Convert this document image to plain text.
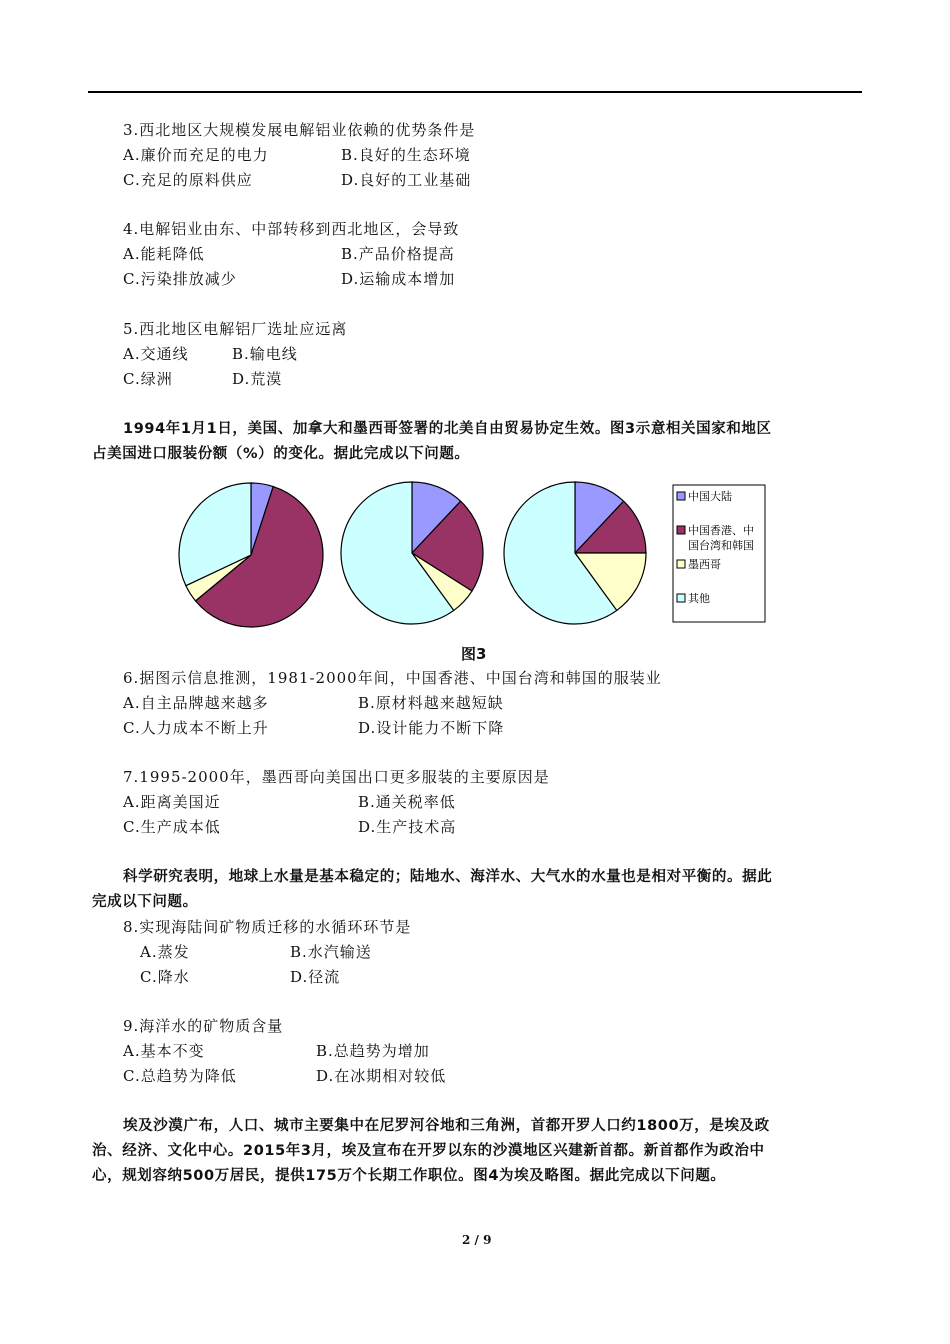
3.西北地区大规模发展电解铝业依赖的优势条件是
A.廉价而充足的电力	B.良好的生态环境
C.充足的原料供应	D.良好的工业基础
4.电解铝业由东、中部转移到西北地区，会导致
A.能耗降低	B.产品价格提高
C.污染排放减少	D.运输成本增加
5.西北地区电解铝厂选址应远离
A.交通线	B.输电线
C.绿洲	D.荒漠
6.据图示信息推测，1981-2000年间，中国香港、中国台湾和韩国的服装业
A.自主品牌越来越多	B.原材料越来越短缺
C.人力成本不断上升	D.设计能力不断下降
7.1995-2000年，墨西哥向美国出口更多服装的主要原因是
A.距离美国近	B.通关税率低
C.生产成本低	D.生产技术高
8.实现海陆间矿物质迁移的水循环环节是
A.蒸发	B.水汽输送
C.降水	D.径流
9.海洋水的矿物质含量
A.基本不变	B.总趋势为增加
C.总趋势为降低	D.在冰期相对较低
1994年1月1日，美国、加拿大和墨西哥签署的北美自由贸易协定生效。图3示意相关国家和地区
占美国进口服装份额（%）的变化。据此完成以下问题。
科学研究表明，地球上水量是基本稳定的；陆地水、海洋水、大气水的水量也是相对平衡的。据此
完成以下问题。
埃及沙漠广布，人口、城市主要集中在尼罗河谷地和三角洲，首都开罗人口约1800万，是埃及政
治、经济、文化中心。2015年3月，埃及宣布在开罗以东的沙漠地区兴建新首都。新首都作为政治中
心，规划容纳500万居民，提供175万个长期工作职位。图4为埃及略图。据此完成以下问题。
中国大陆
中国香港、中
国台湾和韩国
墨西哥
其他
图3
2 / 9
